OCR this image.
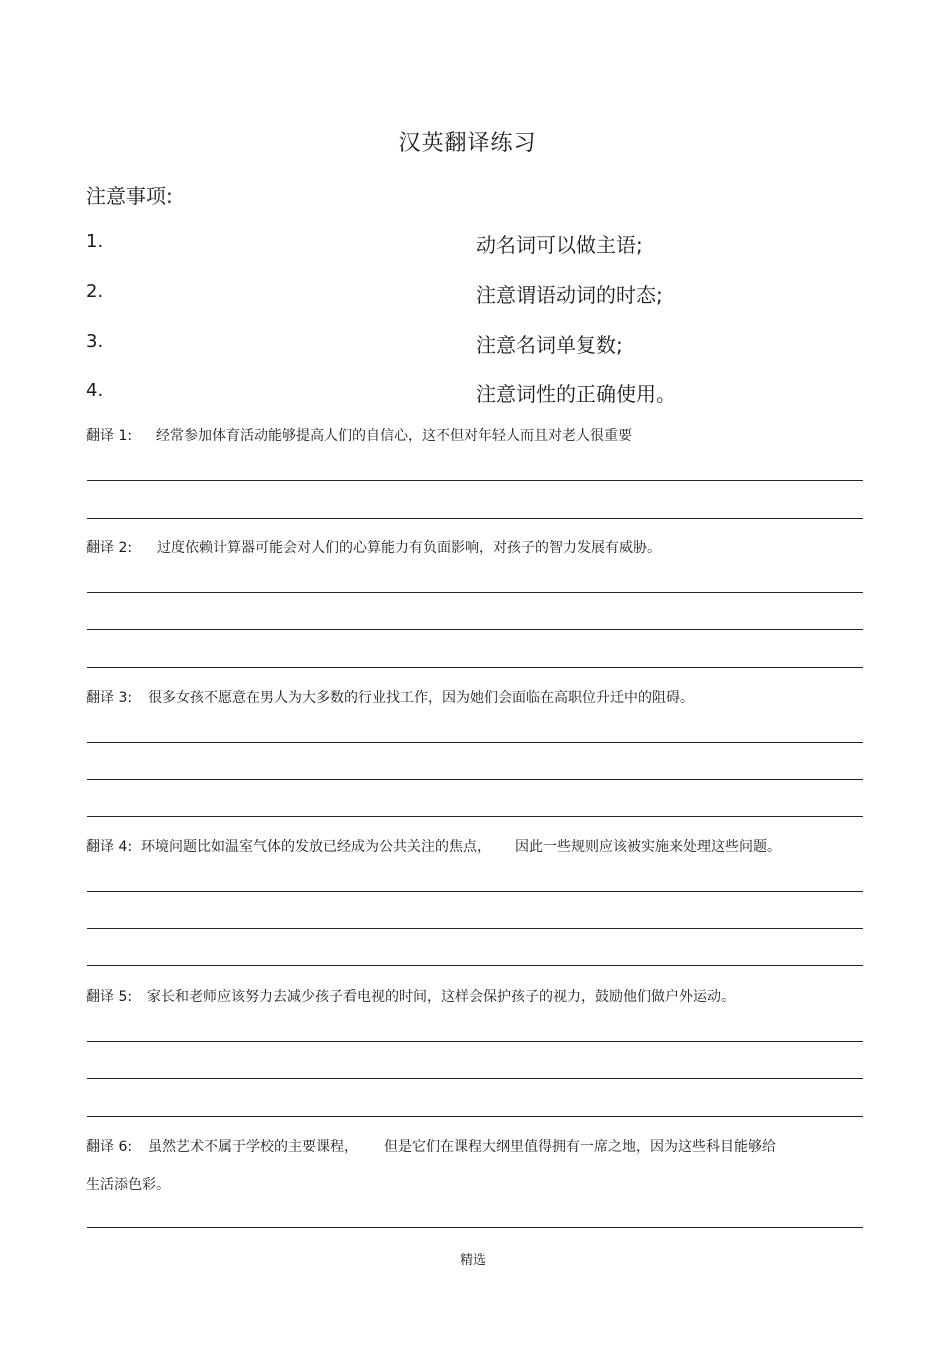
汉英翻译练习
注意事项:
1.	动名词可以做主语;
2.	注意谓语动词的时态;
3.	注意名词单复数;
4.	注意词性的正确使用。
翻译 1: 经常参加体育活动能够提高人们的自信心，这不但对年轻人而且对老人很重要
翻译 2: 过度依赖计算器可能会对人们的心算能力有负面影响，对孩子的智力发展有威胁。
翻译 3: 很多女孩不愿意在男人为大多数的行业找工作，因为她们会面临在高职位升迁中的阻碍。
翻译 4: 环境问题比如温室气体的发放已经成为公共关注的焦点， 因此一些规则应该被实施来处理这些问题。
翻译 5: 家长和老师应该努力去减少孩子看电视的时间，这样会保护孩子的视力，鼓励他们做户外运动。
翻译 6: 虽然艺术不属于学校的主要课程， 但是它们在课程大纲里值得拥有一席之地，因为这些科目能够给
生活添色彩。
精选
